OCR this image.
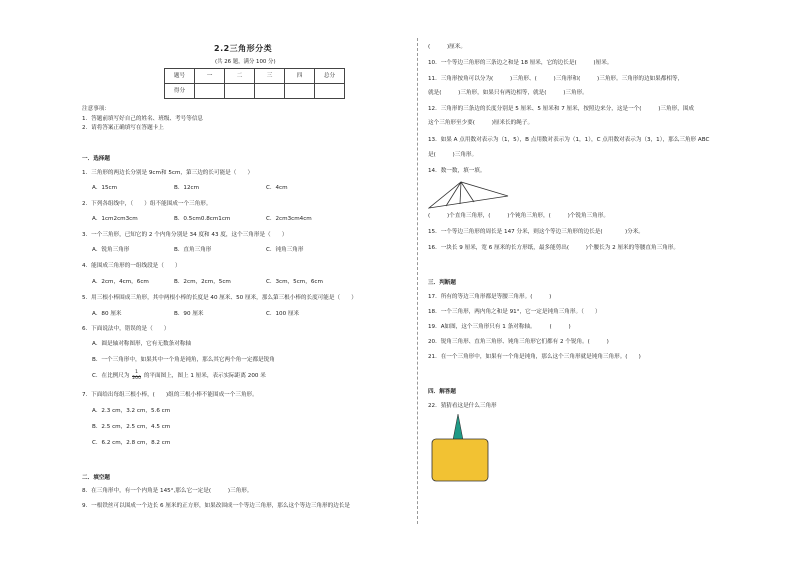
2.2三角形分类
(共 26 题，满分 100 分)
题号	一	二	三	四	总分
得分					
注意事项：
1．答题前填写好自己的姓名、班级、考号等信息
2．请将答案正确填写在答题卡上
一．选择题
1．三角形的两边长分别是 9cm和 5cm，第三边的长可能是（　　）
A．15cm	B．12cm	C．4cm
2．下列各组线中，（　　）组不能围成一个三角形。
A．1cm2cm3cm	B．0.5cm0.8cm1cm	C．2cm3cm4cm
3．一个三角形，已知它的 2 个内角分别是 34 度和 43 度，这个三角形是（　　）
A．锐角三角形	B．直角三角形	C．钝角三角形
4．能围成三角形的一组线段是（　　）
A．2cm，4cm，6cm	B．2cm，2cm，5cm	C．3cm，5cm，6cm
5．用三根小棒围成三角形，其中两根小棒的长度是 40 厘米、50 厘米，那么第三根小棒的长度可能是（　　）
A．80 厘米	B．90 厘米	C．100 厘米
6．下面说法中，错误的是（　　）
A．圆是轴对称图形，它有无数条对称轴
B．一个三角形中，如果其中一个角是钝角，那么其它两个角一定都是锐角
C．在比例尺为 $\frac{1}{200}$ 的平面图上，图上 1 厘米，表示实际距离 200 米
7．下面给出每组三根小棒，(　　)组的三根小棒不能围成一个三角形。
A．2.3 cm，3.2 cm，5.6 cm
B．2.5 cm，2.5 cm，4.5 cm
C．6.2 cm，2.8 cm，8.2 cm
二．填空题
8．在三角形中，有一个内角是 145°,那么它一定是(　　　)三角形。
9．一根铁丝可以围成一个边长 6 厘米的正方形，如果改围成一个等边三角形，那么这个等边三角形的边长是
(　　　)厘米。
10．一个等边三角形的三条边之和是 18 厘米，它的边长是(　　　)厘米。
11．三角形按角可以分为(　　　)三角形、(　　　)三角形和(　　　)三角形。三角形的边如果都相等，
就是(　　　)三角形，如果只有两边相等，就是(　　　)三角形。
12．三角形的三条边的长度分别是 5 厘米、5 厘米和 7 厘米，按照边来分，这是一个(　　　)三角形，围成
这个三角形至少要(　　　)厘米长的绳子。
13．如果 A 点用数对表示为（1，5），B 点用数对表示为（1，1），C 点用数对表示为（3，1），那么三角形 ABC
是(　　　)三角形。
14．数一数，填一填。
(　　　)个直角三角形，(　　　)个钝角三角形，(　　　)个锐角三角形。
15．一个等边三角形的周长是 147 分米，则这个等边三角形的边长是(　　　　)分米。
16．一块长 9 厘米，宽 6 厘米的长方形纸，最多能剪出(　　　)个腰长为 2 厘米的等腰直角三角形。
三．判断题
17．所有的等边三角形都是等腰三角形。(　　　)
18．一个三角形，两内角之和是 91°，它一定是钝角三角形。（　　）
19．A如图，这个三角形只有 1 条对称轴。　　　(　　　)
20．锐角三角形、直角三角形、钝角三角形它们都有 2 个锐角。(　　　)
21．在一个三角形中，如果有一个角是钝角，那么这个三角形就是钝角三角形。(　　)
四．解答题
22．猜猜看这是什么三角形
